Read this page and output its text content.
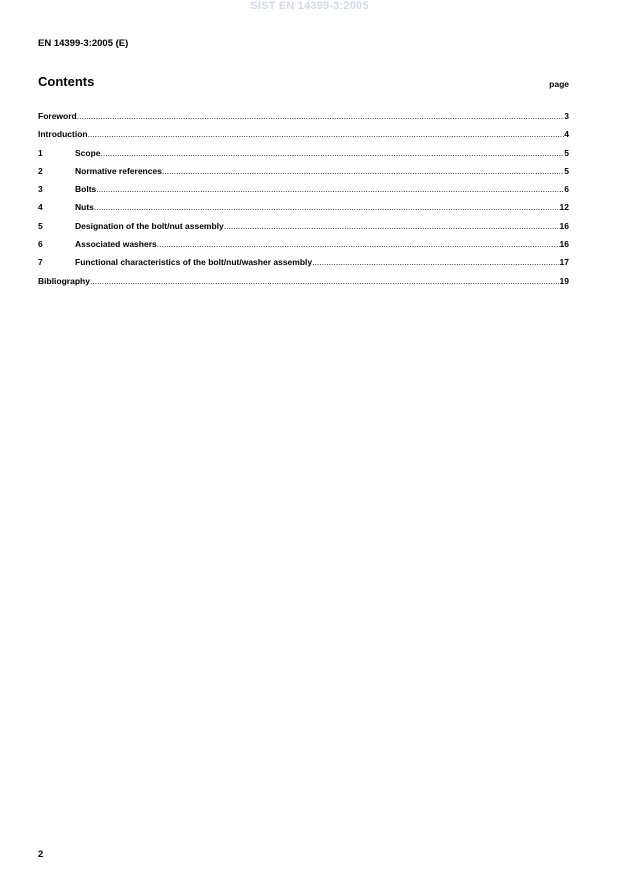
SIST EN 14399-3:2005
EN 14399-3:2005 (E)
Contents	page
Foreword .....	3
Introduction .....	4
1	Scope .....	5
2	Normative references .....	5
3	Bolts .....	6
4	Nuts .....	12
5	Designation of the bolt/nut assembly .....	16
6	Associated washers .....	16
7	Functional characteristics of the bolt/nut/washer assembly .....	17
Bibliography .....	19
2
